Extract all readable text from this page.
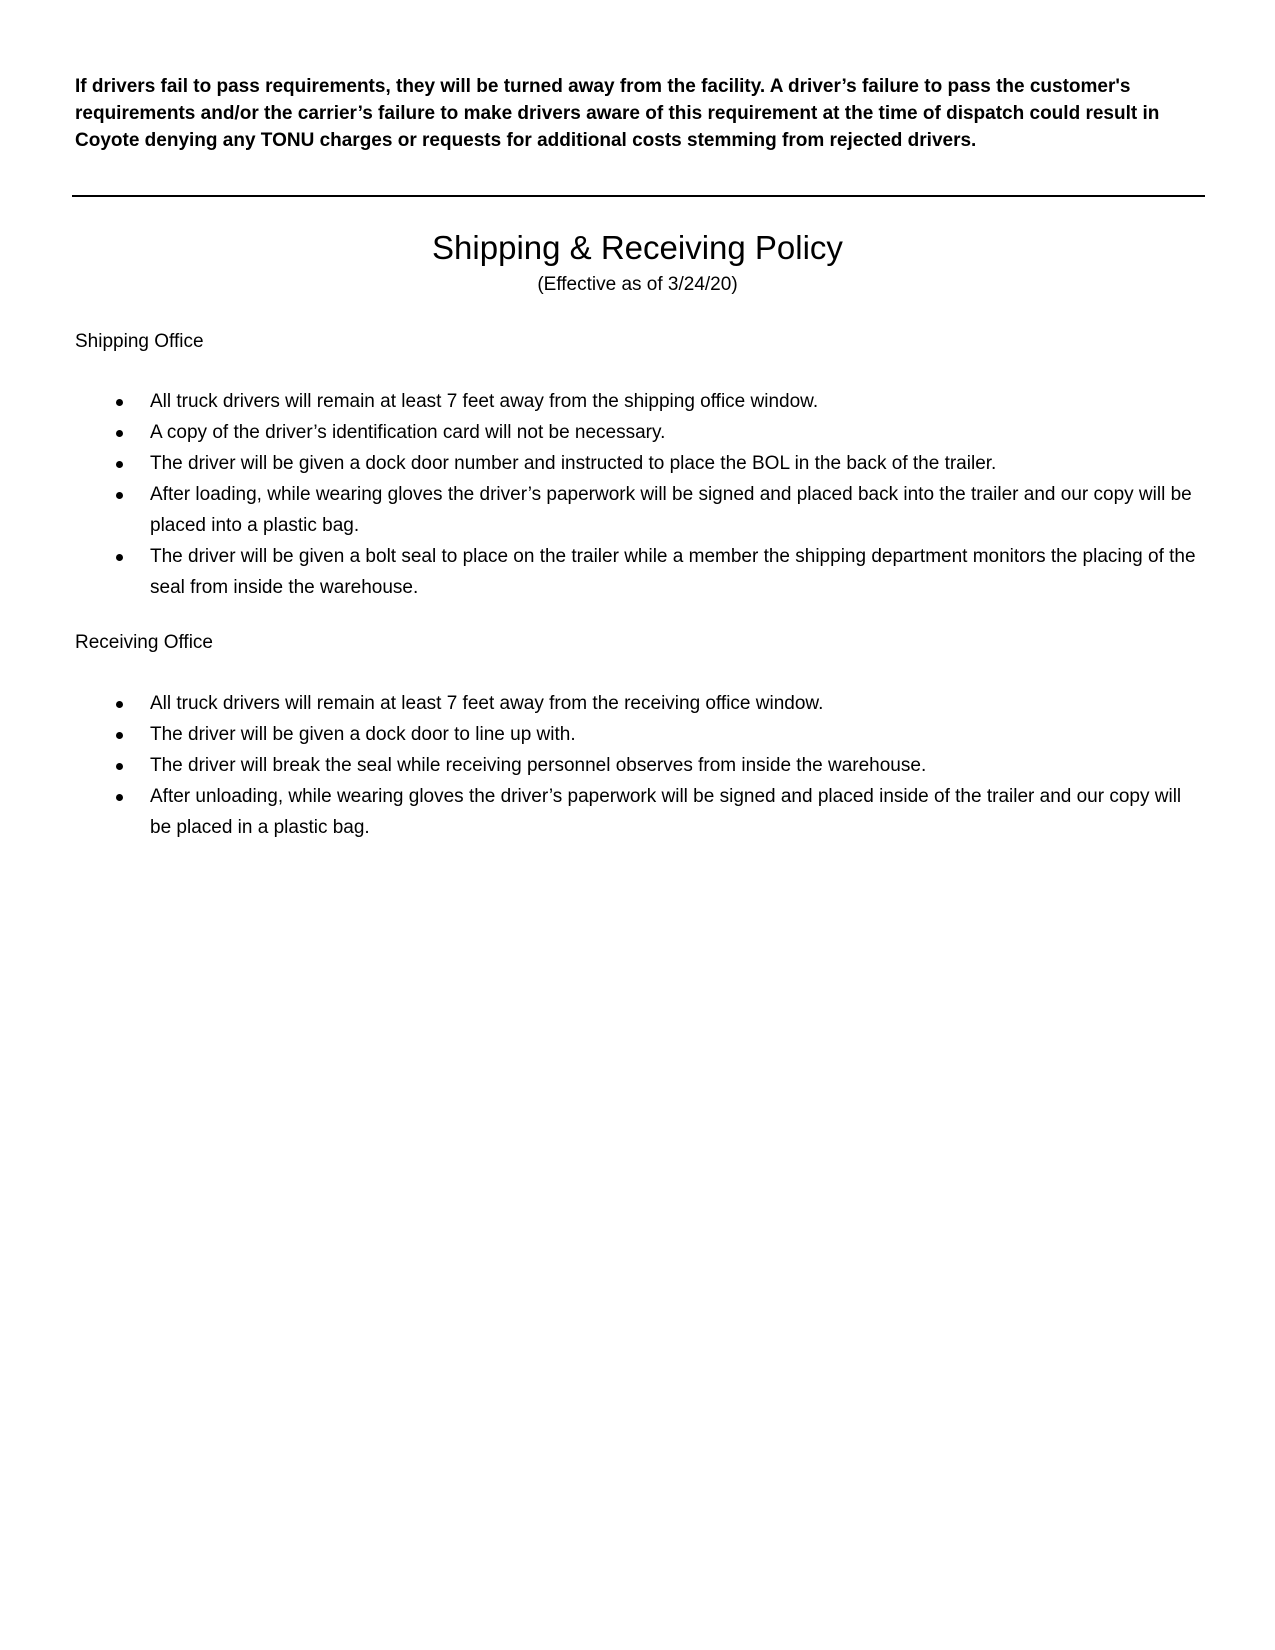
If drivers fail to pass requirements, they will be turned away from the facility. A driver’s failure to pass the customer's requirements and/or the carrier’s failure to make drivers aware of this requirement at the time of dispatch could result in Coyote denying any TONU charges or requests for additional costs stemming from rejected drivers.
Shipping & Receiving Policy
(Effective as of 3/24/20)
Shipping Office
All truck drivers will remain at least 7 feet away from the shipping office window.
A copy of the driver’s identification card will not be necessary.
The driver will be given a dock door number and instructed to place the BOL in the back of the trailer.
After loading, while wearing gloves the driver’s paperwork will be signed and placed back into the trailer and our copy will be placed into a plastic bag.
The driver will be given a bolt seal to place on the trailer while a member the shipping department monitors the placing of the seal from inside the warehouse.
Receiving Office
All truck drivers will remain at least 7 feet away from the receiving office window.
The driver will be given a dock door to line up with.
The driver will break the seal while receiving personnel observes from inside the warehouse.
After unloading, while wearing gloves the driver’s paperwork will be signed and placed inside of the trailer and our copy will be placed in a plastic bag.
